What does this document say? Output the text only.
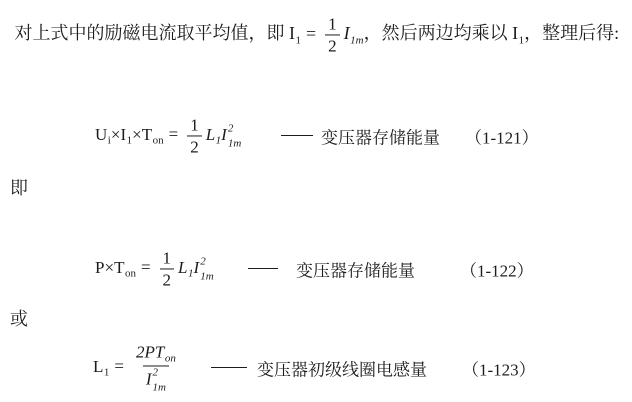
对上式中的励磁电流取平均值，即 $I_1 = \frac{1}{2} I_{1m}$，然后两边均乘以 $I_1$，整理后得:
$U_i\times I_1\times T_{on} = \frac{1}{2} L_1I$ 2
1m	变压器存储能量 （1-121）
即
$P\times T_{on} = \frac{1}{2} L_1I$ 2
1m	变压器存储能量	（1-122）
或
$L_1 = 2PT_{on}$
I 2
1m	变压器初级线圈电感量 （1-123）
